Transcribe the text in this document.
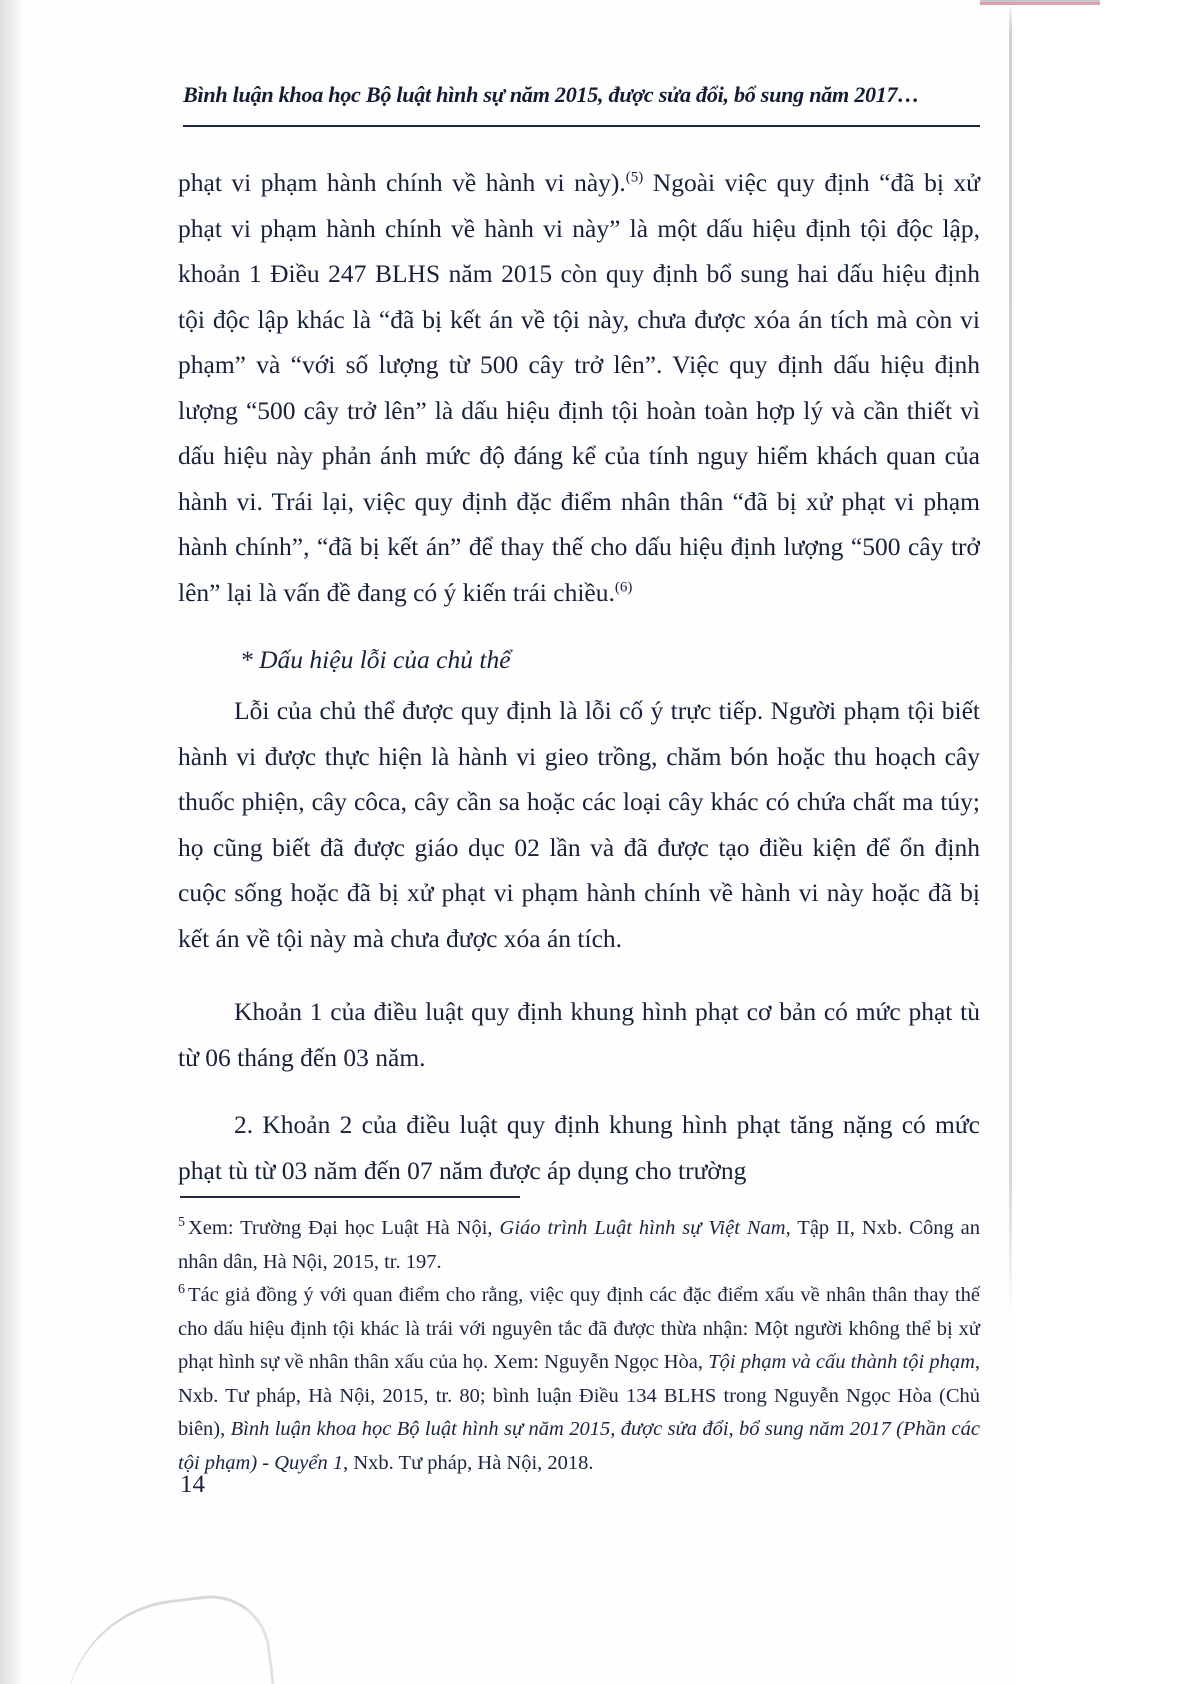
Bình luận khoa học Bộ luật hình sự năm 2015, được sửa đổi, bổ sung năm 2017…

phạt vi phạm hành chính về hành vi này).$^{(5)}$ Ngoài việc quy định “đã bị xử phạt vi phạm hành chính về hành vi này” là một dấu hiệu định tội độc lập, khoản 1 Điều 247 BLHS năm 2015 còn quy định bổ sung hai dấu hiệu định tội độc lập khác là “đã bị kết án về tội này, chưa được xóa án tích mà còn vi phạm” và “với số lượng từ 500 cây trở lên”. Việc quy định dấu hiệu định lượng “500 cây trở lên” là dấu hiệu định tội hoàn toàn hợp lý và cần thiết vì dấu hiệu này phản ánh mức độ đáng kể của tính nguy hiểm khách quan của hành vi. Trái lại, việc quy định đặc điểm nhân thân “đã bị xử phạt vi phạm hành chính”, “đã bị kết án” để thay thế cho dấu hiệu định lượng “500 cây trở lên” lại là vấn đề đang có ý kiến trái chiều.$^{(6)}$

* Dấu hiệu lỗi của chủ thể

Lỗi của chủ thể được quy định là lỗi cố ý trực tiếp. Người phạm tội biết hành vi được thực hiện là hành vi gieo trồng, chăm bón hoặc thu hoạch cây thuốc phiện, cây côca, cây cần sa hoặc các loại cây khác có chứa chất ma túy; họ cũng biết đã được giáo dục 02 lần và đã được tạo điều kiện để ổn định cuộc sống hoặc đã bị xử phạt vi phạm hành chính về hành vi này hoặc đã bị kết án về tội này mà chưa được xóa án tích.

Khoản 1 của điều luật quy định khung hình phạt cơ bản có mức phạt tù từ 06 tháng đến 03 năm.

2. Khoản 2 của điều luật quy định khung hình phạt tăng nặng có mức phạt tù từ 03 năm đến 07 năm được áp dụng cho trường

$^5$ Xem: Trường Đại học Luật Hà Nội, Giáo trình Luật hình sự Việt Nam, Tập II, Nxb. Công an nhân dân, Hà Nội, 2015, tr. 197.

$^6$ Tác giả đồng ý với quan điểm cho rằng, việc quy định các đặc điểm xấu về nhân thân thay thế cho dấu hiệu định tội khác là trái với nguyên tắc đã được thừa nhận: Một người không thể bị xử phạt hình sự về nhân thân xấu của họ. Xem: Nguyễn Ngọc Hòa, Tội phạm và cấu thành tội phạm, Nxb. Tư pháp, Hà Nội, 2015, tr. 80; bình luận Điều 134 BLHS trong Nguyễn Ngọc Hòa (Chủ biên), Bình luận khoa học Bộ luật hình sự năm 2015, được sửa đổi, bổ sung năm 2017 (Phần các tội phạm) - Quyển 1, Nxb. Tư pháp, Hà Nội, 2018.

14
